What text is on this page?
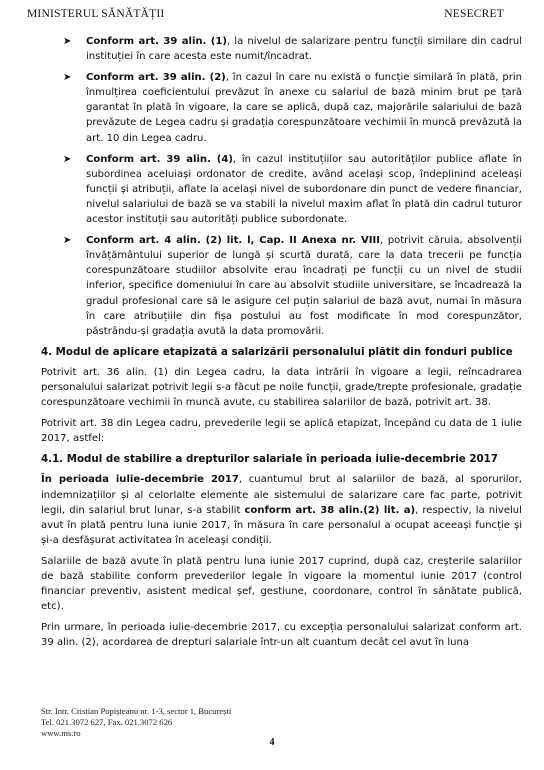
MINISTERUL SĂNĂTĂȚII	NESECRET
➤ Conform art. 39 alin. (1), la nivelul de salarizare pentru funcții similare din cadrul instituției în care acesta este numit/încadrat.
➤ Conform art. 39 alin. (2), în cazul în care nu există o funcție similară în plată, prin înmulțirea coeficientului prevăzut în anexe cu salariul de bază minim brut pe țară garantat în plată în vigoare, la care se aplică, după caz, majorările salariului de bază prevăzute de Legea cadru și gradația corespunzătoare vechimii în muncă prevăzută la art. 10 din Legea cadru.
➤ Conform art. 39 alin. (4), în cazul instituțiilor sau autorităților publice aflate în subordinea aceluiași ordonator de credite, având același scop, îndeplinind aceleași funcții și atribuții, aflate la același nivel de subordonare din punct de vedere financiar, nivelul salariului de bază se va stabili la nivelul maxim aflat în plată din cadrul tuturor acestor instituții sau autorități publice subordonate.
➤ Conform art. 4 alin. (2) lit. l, Cap. II Anexa nr. VIII, potrivit căruia, absolvenții învățământului superior de lungă și scurtă durată, care la data trecerii pe funcția corespunzătoare studiilor absolvite erau încadrați pe funcții cu un nivel de studii inferior, specifice domeniului în care au absolvit studiile universitare, se încadrează la gradul profesional care să le asigure cel puțin salariul de bază avut, numai în măsura în care atribuțiile din fișa postului au fost modificate în mod corespunzător, păstrându-și gradația avută la data promovării.
4. Modul de aplicare etapizată a salarizării personalului plătit din fonduri publice

Potrivit art. 36 alin. (1) din Legea cadru, la data intrării în vigoare a legii, reîncadrarea personalului salarizat potrivit legii s-a făcut pe noile funcții, grade/trepte profesionale, gradație corespunzătoare vechimii în muncă avute, cu stabilirea salariilor de bază, potrivit art. 38.

Potrivit art. 38 din Legea cadru, prevederile legii se aplică etapizat, începând cu data de 1 iulie 2017, astfel:

4.1. Modul de stabilire a drepturilor salariale în perioada iulie-decembrie 2017

În perioada iulie-decembrie 2017, cuantumul brut al salariilor de bază, al sporurilor, indemnizațiilor și al celorlalte elemente ale sistemului de salarizare care fac parte, potrivit legii, din salariul brut lunar, s-a stabilit conform art. 38 alin.(2) lit. a), respectiv, la nivelul avut în plată pentru luna iunie 2017, în măsura în care personalul a ocupat aceeași funcție și și-a desfășurat activitatea în aceleași condiții.

Salariile de bază avute în plată pentru luna iunie 2017 cuprind, după caz, creșterile salariilor de bază stabilite conform prevederilor legale în vigoare la momentul iunie 2017 (control financiar preventiv, asistent medical șef, gestiune, coordonare, control în sănătate publică, etc).

Prin urmare, în perioada iulie-decembrie 2017, cu excepția personalului salarizat conform art. 39 alin. (2), acordarea de drepturi salariale într-un alt cuantum decât cel avut în luna

Str. Intr. Cristian Popișteanu nr. 1-3, sector 1, București
Tel. 021.3072 627, Fax. 021.3072 626
www.ms.ro
4
